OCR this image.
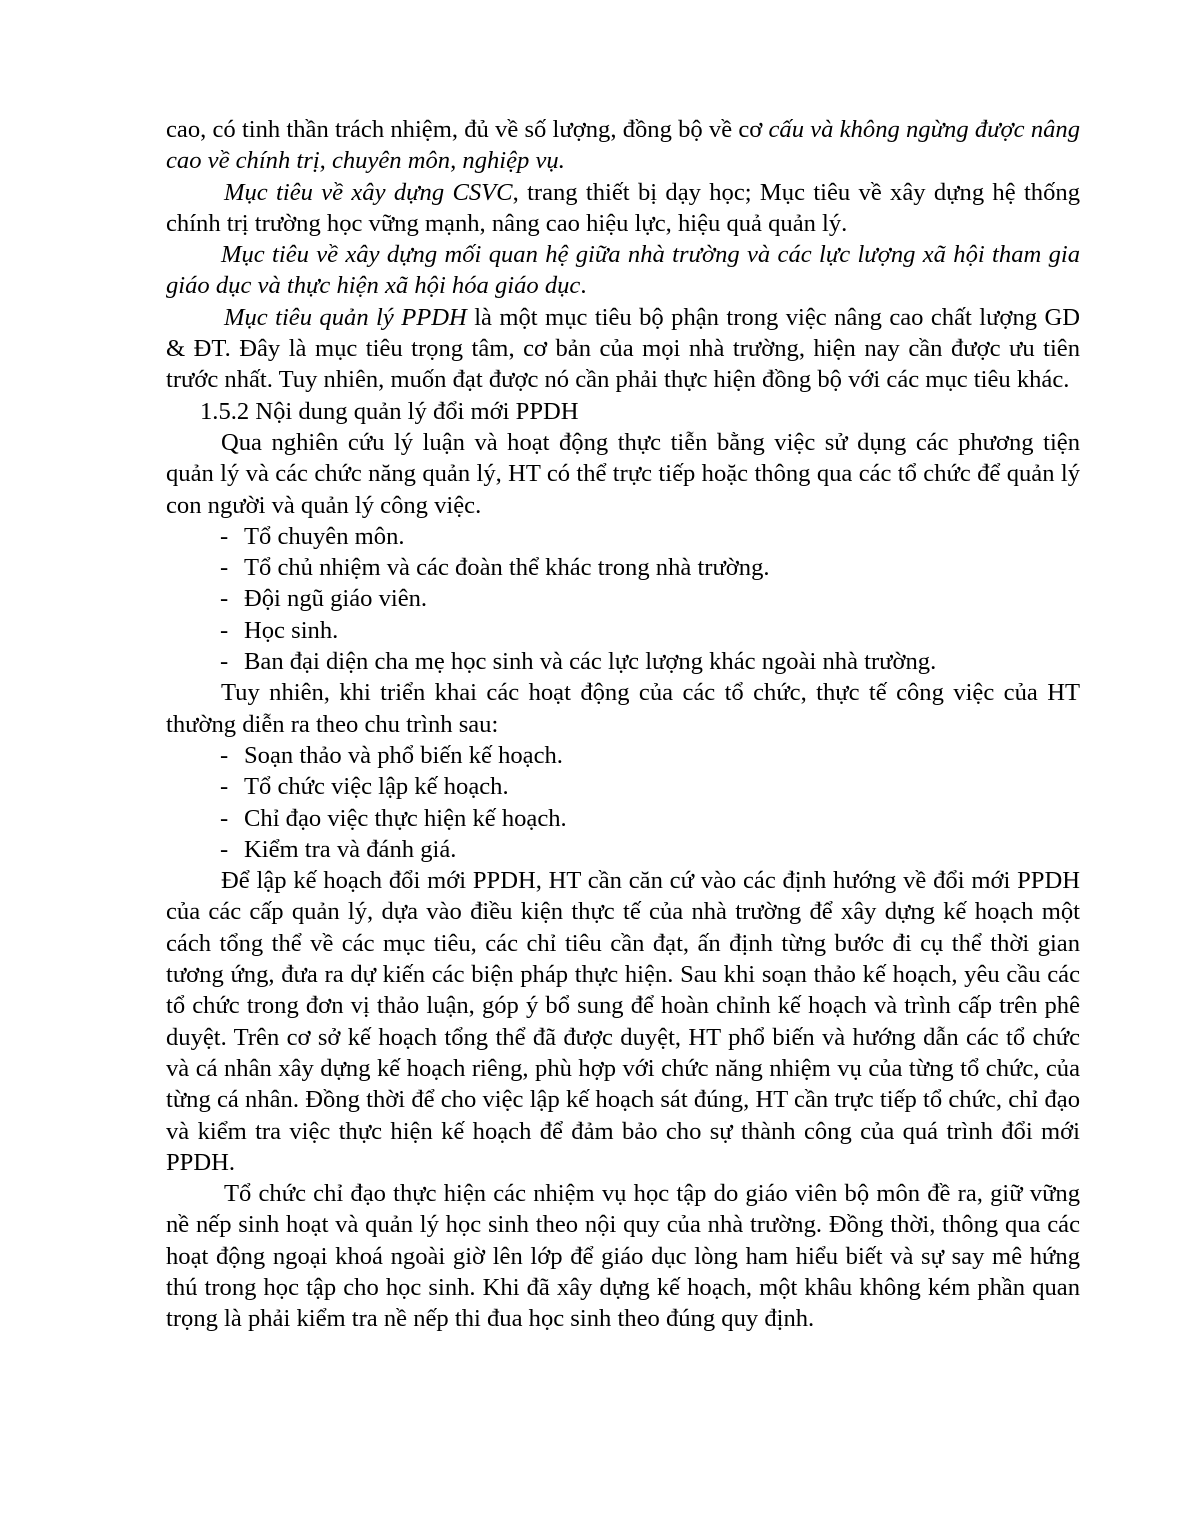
cao, có tinh thần trách nhiệm, đủ về số lượng, đồng bộ về cơ cấu và không ngừng được nâng cao về chính trị, chuyên môn, nghiệp vụ.

Mục tiêu về xây dựng CSVC, trang thiết bị dạy học; Mục tiêu về xây dựng hệ thống chính trị trường học vững mạnh, nâng cao hiệu lực, hiệu quả quản lý.

Mục tiêu về xây dựng mối quan hệ giữa nhà trường và các lực lượng xã hội tham gia giáo dục và thực hiện xã hội hóa giáo dục.

Mục tiêu quản lý PPDH là một mục tiêu bộ phận trong việc nâng cao chất lượng GD & ĐT. Đây là mục tiêu trọng tâm, cơ bản của mọi nhà trường, hiện nay cần được ưu tiên trước nhất. Tuy nhiên, muốn đạt được nó cần phải thực hiện đồng bộ với các mục tiêu khác.

1.5.2 Nội dung quản lý đổi mới PPDH

Qua nghiên cứu lý luận và hoạt động thực tiễn bằng việc sử dụng các phương tiện quản lý và các chức năng quản lý, HT có thể trực tiếp hoặc thông qua các tổ chức để quản lý con người và quản lý công việc.

- Tổ chuyên môn.
- Tổ chủ nhiệm và các đoàn thể khác trong nhà trường.
- Đội ngũ giáo viên.
- Học sinh.
- Ban đại diện cha mẹ học sinh và các lực lượng khác ngoài nhà trường.

Tuy nhiên, khi triển khai các hoạt động của các tổ chức, thực tế công việc của HT thường diễn ra theo chu trình sau:

- Soạn thảo và phổ biến kế hoạch.
- Tổ chức việc lập kế hoạch.
- Chỉ đạo việc thực hiện kế hoạch.
- Kiểm tra và đánh giá.

Để lập kế hoạch đổi mới PPDH, HT cần căn cứ vào các định hướng về đổi mới PPDH của các cấp quản lý, dựa vào điều kiện thực tế của nhà trường để xây dựng kế hoạch một cách tổng thể về các mục tiêu, các chỉ tiêu cần đạt, ấn định từng bước đi cụ thể thời gian tương ứng, đưa ra dự kiến các biện pháp thực hiện. Sau khi soạn thảo kế hoạch, yêu cầu các tổ chức trong đơn vị thảo luận, góp ý bổ sung để hoàn chỉnh kế hoạch và trình cấp trên phê duyệt. Trên cơ sở kế hoạch tổng thể đã được duyệt, HT phổ biến và hướng dẫn các tổ chức và cá nhân xây dựng kế hoạch riêng, phù hợp với chức năng nhiệm vụ của từng tổ chức, của từng cá nhân. Đồng thời để cho việc lập kế hoạch sát đúng, HT cần trực tiếp tổ chức, chỉ đạo và kiểm tra việc thực hiện kế hoạch để đảm bảo cho sự thành công của quá trình đổi mới PPDH.

Tổ chức chỉ đạo thực hiện các nhiệm vụ học tập do giáo viên bộ môn đề ra, giữ vững nề nếp sinh hoạt và quản lý học sinh theo nội quy của nhà trường. Đồng thời, thông qua các hoạt động ngoại khoá ngoài giờ lên lớp để giáo dục lòng ham hiểu biết và sự say mê hứng thú trong học tập cho học sinh. Khi đã xây dựng kế hoạch, một khâu không kém phần quan trọng là phải kiểm tra nề nếp thi đua học sinh theo đúng quy định.
